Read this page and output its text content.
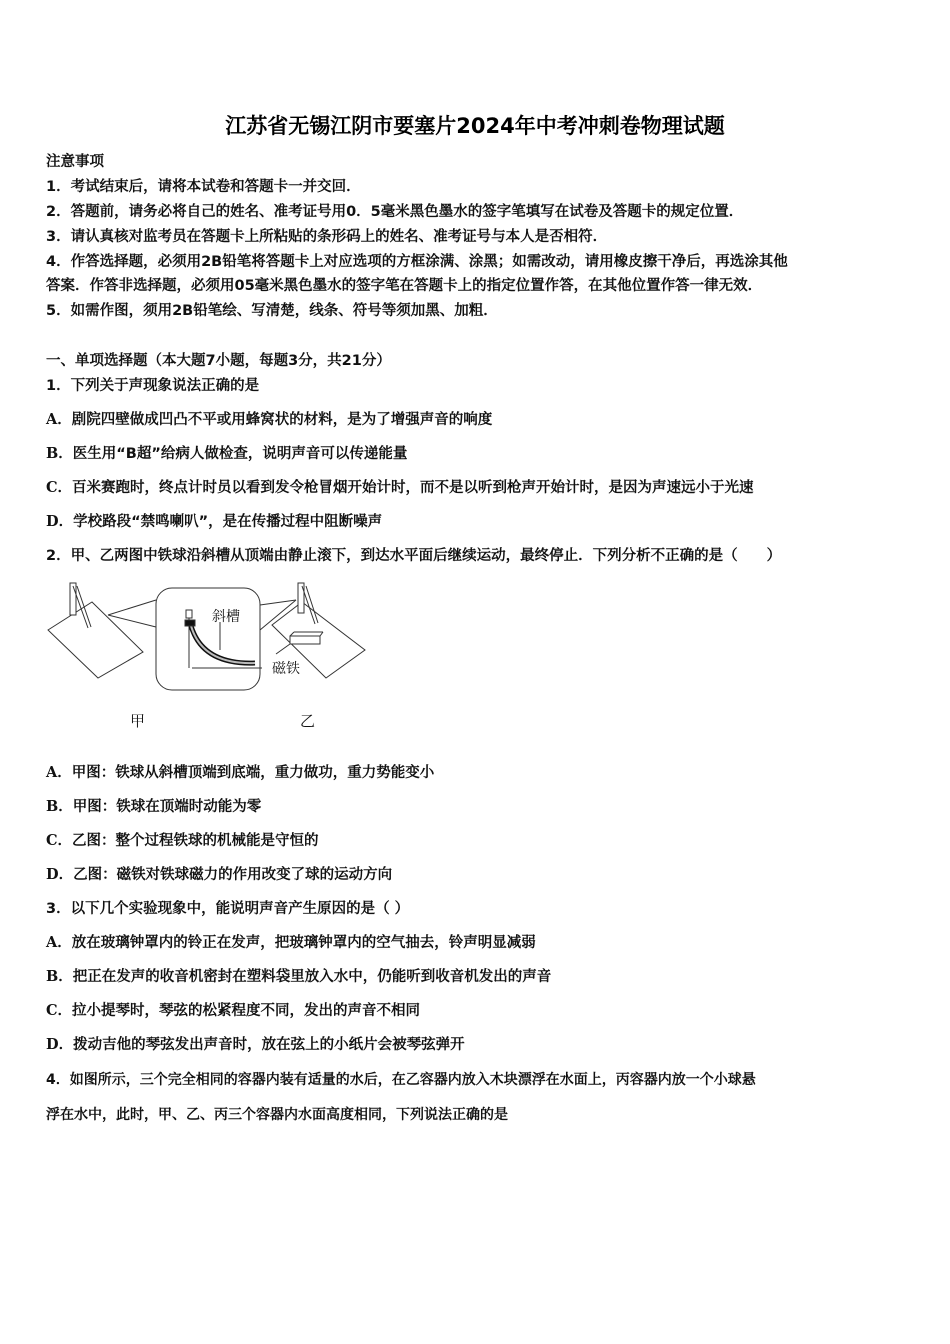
江苏省无锡江阴市要塞片2024年中考冲刺卷物理试题
注意事项
1．考试结束后，请将本试卷和答题卡一并交回．
2．答题前，请务必将自己的姓名、准考证号用0．5毫米黑色墨水的签字笔填写在试卷及答题卡的规定位置．
3．请认真核对监考员在答题卡上所粘贴的条形码上的姓名、准考证号与本人是否相符．
4．作答选择题，必须用2B铅笔将答题卡上对应选项的方框涂满、涂黑；如需改动，请用橡皮擦干净后，再选涂其他
答案．作答非选择题，必须用05毫米黑色墨水的签字笔在答题卡上的指定位置作答，在其他位置作答一律无效．
5．如需作图，须用2B铅笔绘、写清楚，线条、符号等须加黑、加粗．
一、单项选择题（本大题7小题，每题3分，共21分）
1．下列关于声现象说法正确的是
A．剧院四壁做成凹凸不平或用蜂窝状的材料，是为了增强声音的响度
B．医生用“B超”给病人做检查，说明声音可以传递能量
C．百米赛跑时，终点计时员以看到发令枪冒烟开始计时，而不是以听到枪声开始计时，是因为声速远小于光速
D．学校路段“禁鸣喇叭”，是在传播过程中阻断噪声
2．甲、乙两图中铁球沿斜槽从顶端由静止滚下，到达水平面后继续运动，最终停止．下列分析不正确的是（　　）
斜槽
磁铁
甲	乙
A．甲图：铁球从斜槽顶端到底端，重力做功，重力势能变小
B．甲图：铁球在顶端时动能为零
C．乙图：整个过程铁球的机械能是守恒的
D．乙图：磁铁对铁球磁力的作用改变了球的运动方向
3．以下几个实验现象中，能说明声音产生原因的是（ ）
A．放在玻璃钟罩内的铃正在发声，把玻璃钟罩内的空气抽去，铃声明显减弱
B．把正在发声的收音机密封在塑料袋里放入水中，仍能听到收音机发出的声音
C．拉小提琴时，琴弦的松紧程度不同，发出的声音不相同
D．拨动吉他的琴弦发出声音时，放在弦上的小纸片会被琴弦弹开
4．如图所示，三个完全相同的容器内装有适量的水后，在乙容器内放入木块漂浮在水面上，丙容器内放一个小球悬
浮在水中，此时，甲、乙、丙三个容器内水面高度相同，下列说法正确的是
